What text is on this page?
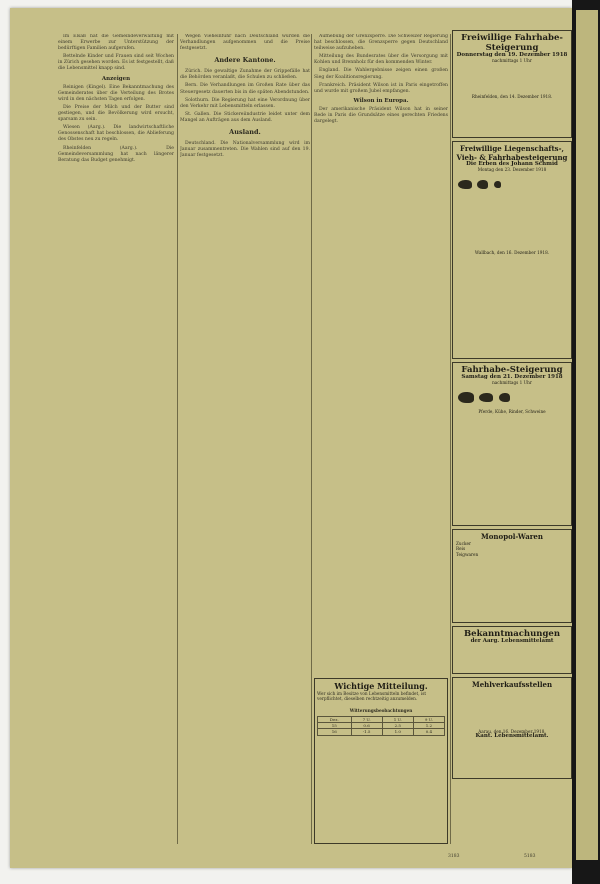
Im Elsaß hat die Gemeindeverwaltung mit einem Erwerbe zur Unterstützung der bedürftigen Familien aufgerufen.

Bettelnde Kinder und Frauen sind seit Wochen in Zürich gesehen worden. Es ist festgestellt, daß die Lebensmittel knapp sind.

Anzeigen

Reinigen (Kingel). Eine Bekanntmachung des Gemeinderates über die Verteilung des Brotes wird in den nächsten Tagen erfolgen.

Die Preise der Milch und der Butter sind gestiegen, und die Bevölkerung wird ersucht, sparsam zu sein.

Wiesen (Aarg.). Die landwirtschaftliche Genossenschaft hat beschlossen, die Ablieferung des Obstes neu zu regeln.

Rheinfelden (Aarg.). Die Gemeindeversammlung hat nach längerer Beratung das Budget genehmigt.

Wegen Vieheinfuhr nach Deutschland wurden die Verhandlungen aufgenommen und die Preise festgesetzt.

Andere Kantone.

Zürich. Die gewaltige Zunahme der Grippefälle hat die Behörden veranlaßt, die Schulen zu schließen.

Bern. Die Verhandlungen im Großen Rate über das Steuergesetz dauerten bis in die späten Abendstunden.

Solothurn. Die Regierung hat eine Verordnung über den Verkehr mit Lebensmitteln erlassen.

St. Gallen. Die Stickereiindustrie leidet unter dem Mangel an Aufträgen aus dem Ausland.

Ausland.

Deutschland. Die Nationalversammlung wird im Januar zusammentreten. Die Wahlen sind auf den 19. Januar festgesetzt.

Aufhebung der Grenzsperre. Die Schweizer Regierung hat beschlossen, die Grenzsperre gegen Deutschland teilweise aufzuheben.

Mitteilung des Bundesrates über die Versorgung mit Kohlen und Brennholz für den kommenden Winter.

England. Die Wahlergebnisse zeigen einen großen Sieg der Koalitionsregierung.

Frankreich. Präsident Wilson ist in Paris eingetroffen und wurde mit großem Jubel empfangen.

Wilson in Europa.

Der amerikanische Präsident Wilson hat in seiner Rede in Paris die Grundsätze eines gerechten Friedens dargelegt.

Wichtige Mitteilung.
Wer sich im Besitze von Lebensmitteln befindet, ist verpflichtet, dieselben rechtzeitig anzumelden.
Witterungsbeobachtungen
Dez.	7 U.	1 U.	9 U.
15	0.6	2.5	1.2
16	-1.5	1.0	0.4
Freiwillige Fahrhabe-Steigerung
Donnerstag den 19. Dezember 1918
nachmittags 1 Uhr
Rheinfelden, den 14. Dezember 1918.
Freiwillige Liegenschafts-, Vieh- & Fahrhabesteigerung
Die Erben des Johann Schmid
Montag den 23. Dezember 1918

Wallbach, den 16. Dezember 1918.
Fahrhabe-Steigerung
Samstag den 21. Dezember 1918
nachmittags 1 Uhr

Pferde, Kühe, Rinder, Schweine
Monopol-Waren
Zucker
Reis
Teigwaren
Bekanntmachungen
der Aarg. Lebensmittelamt
Mehlverkaufsstellen
Aarau, den 16. Dezember 1918.
Kant. Lebensmittelamt.
3183	5183
